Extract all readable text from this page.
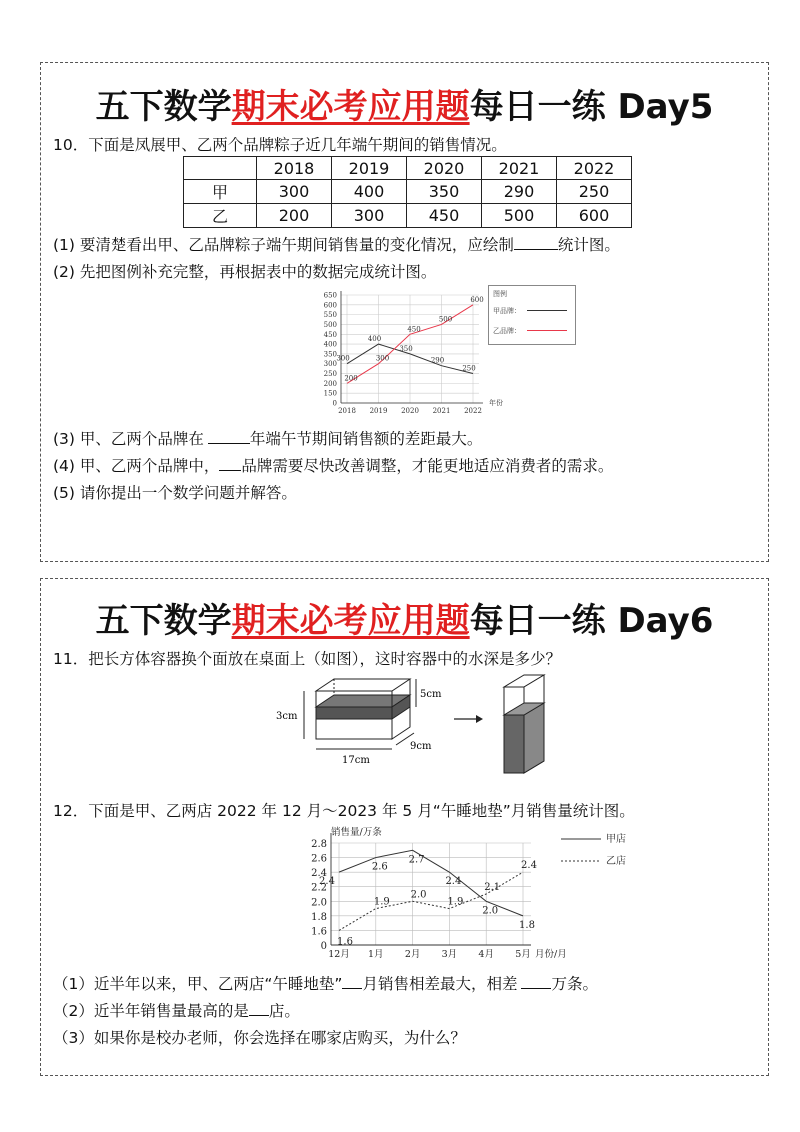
五下数学期末必考应用题每日一练 Day5
10．下面是凤展甲、乙两个品牌粽子近几年端午期间的销售情况。
	2018	2019	2020	2021	2022
甲	300	400	350	290	250
乙	200	300	450	500	600
(1) 要清楚看出甲、乙品牌粽子端午期间销售量的变化情况，应绘制	统计图。
(2) 先把图例补充完整，再根据表中的数据完成统计图。
0
150
200
250
300
350
400
450
500
550
600
650
2018 2019 2020 2021 2022
年份
300
400
350
290
250
200
300
450
500
600
图例
甲品牌：
乙品牌：
(3) 甲、乙两个品牌在	年端午节期间销售额的差距最大。
(4) 甲、乙两个品牌中， 品牌需要尽快改善调整，才能更地适应消费者的需求。
(5) 请你提出一个数学问题并解答。
五下数学期末必考应用题每日一练 Day6
11．把长方体容器换个面放在桌面上（如图），这时容器中的水深是多少？
5cm
3cm
9cm
17cm
12．下面是甲、乙两店 2022 年 12 月～2023 年 5 月“午睡地垫”月销售量统计图。
0
1.6
1.8
2.0
2.2
2.4
2.6
2.8
12月 1月 2月 3月 4月 5月 月份/月
销售量/万条
甲店
乙店
2.4
2.6
2.7
2.4
2.0
1.8
1.6
1.9
2.0
1.9
2.1
2.4
（1）近半年以来，甲、乙两店“午睡地垫” 月销售相差最大，相差 万条。
（2）近半年销售量最高的是 店。
（3）如果你是校办老师，你会选择在哪家店购买，为什么？
